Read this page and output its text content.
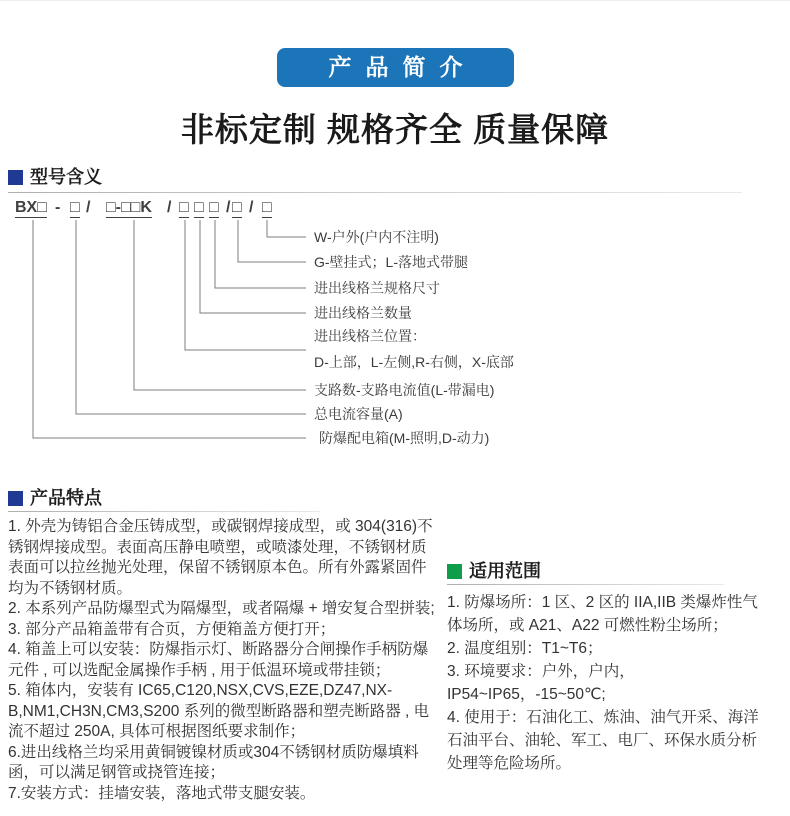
产品简介
非标定制 规格齐全 质量保障
型号含义
BX□ - □ / □-□□K / □ □ □ / □ / □
W-户外(户内不注明)
G-壁挂式；L-落地式带腿
进出线格兰规格尺寸
进出线格兰数量
进出线格兰位置：
D-上部，L-左侧,R-右侧，X-底部
支路数-支路电流值(L-带漏电)
总电流容量(A)
防爆配电箱(M-照明,D-动力)
产品特点

1. 外壳为铸铝合金压铸成型，或碳钢焊接成型，或 304(316)不锈钢焊接成型。表面高压静电喷塑，或喷漆处理，不锈钢材质表面可以拉丝抛光处理，保留不锈钢原本色。所有外露紧固件均为不锈钢材质。

2. 本系列产品防爆型式为隔爆型，或者隔爆 + 增安复合型拼装;

3. 部分产品箱盖带有合页，方便箱盖方便打开；

4. 箱盖上可以安装：防爆指示灯、断路器分合闸操作手柄防爆元件 , 可以选配金属操作手柄 , 用于低温环境或带挂锁；

5. 箱体内，安装有 IC65,C120,NSX,CVS,EZE,DZ47,NX-B,NM1,CH3N,CM3,S200 系列的微型断路器和塑壳断路器 , 电流不超过 250A, 具体可根据图纸要求制作；

6.进出线格兰均采用黄铜镀镍材质或304不锈钢材质防爆填料函，可以满足钢管或挠管连接；

7.安装方式：挂墙安装，落地式带支腿安装。

适用范围

1. 防爆场所：1 区、2 区的 IIA,IIB 类爆炸性气体场所，或 A21、A22 可燃性粉尘场所；

2. 温度组别：T1~T6；

3. 环境要求：户外，户内，IP54~IP65，-15~50℃;

4. 使用于：石油化工、炼油、油气开采、海洋石油平台、油轮、军工、电厂、环保水质分析处理等危险场所。
